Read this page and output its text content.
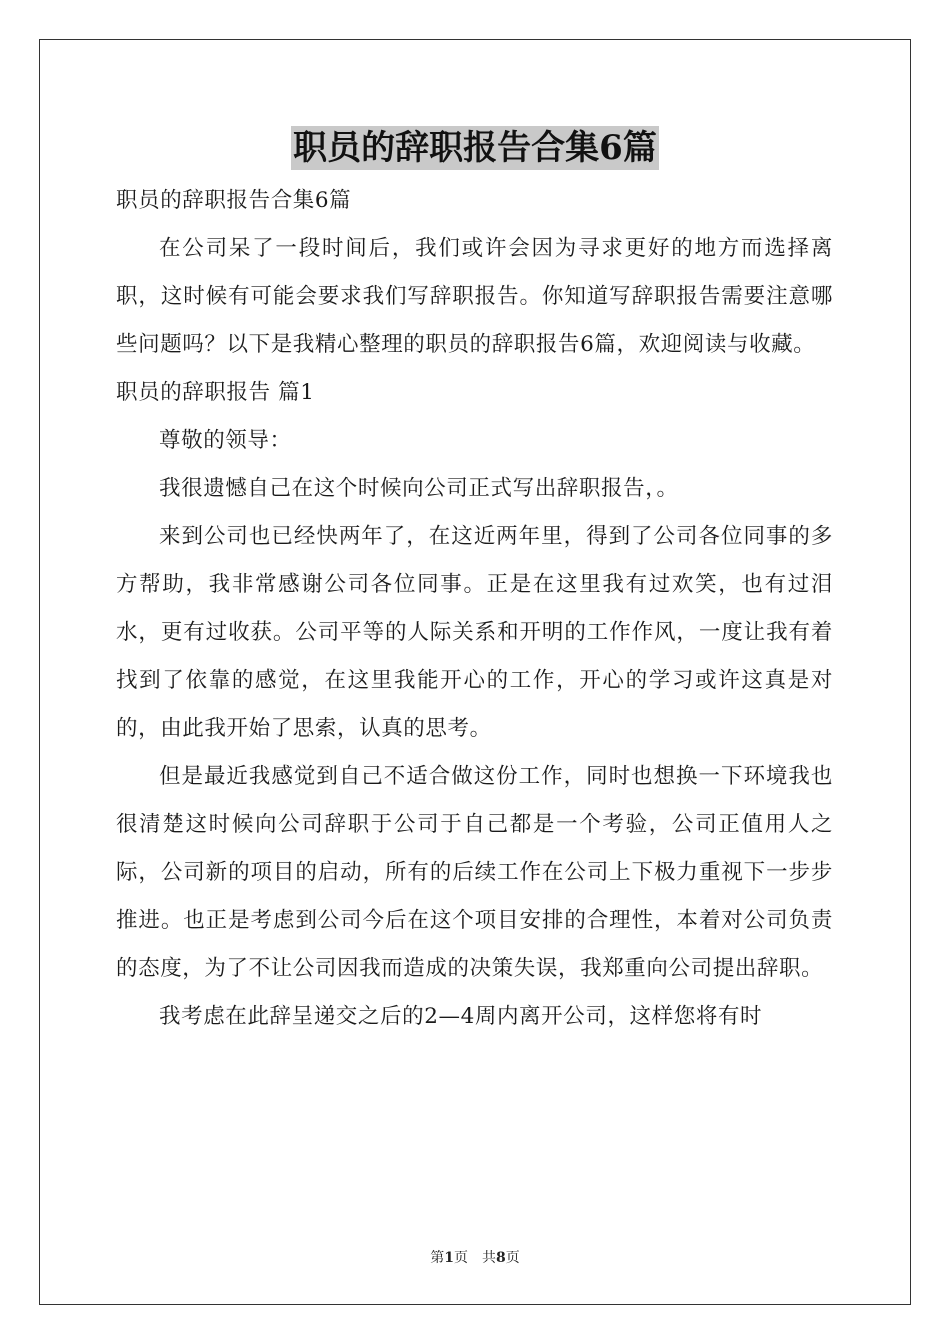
职员的辞职报告合集6篇

职员的辞职报告合集6篇

在公司呆了一段时间后，我们或许会因为寻求更好的地方而选择离职，这时候有可能会要求我们写辞职报告。你知道写辞职报告需要注意哪些问题吗？以下是我精心整理的职员的辞职报告6篇，欢迎阅读与收藏。

职员的辞职报告 篇1

尊敬的领导：

我很遗憾自己在这个时候向公司正式写出辞职报告，。

来到公司也已经快两年了，在这近两年里，得到了公司各位同事的多方帮助，我非常感谢公司各位同事。正是在这里我有过欢笑，也有过泪水，更有过收获。公司平等的人际关系和开明的工作作风，一度让我有着找到了依靠的感觉，在这里我能开心的工作，开心的学习或许这真是对的，由此我开始了思索，认真的思考。

但是最近我感觉到自己不适合做这份工作，同时也想换一下环境我也很清楚这时候向公司辞职于公司于自己都是一个考验，公司正值用人之际，公司新的项目的启动，所有的后续工作在公司上下极力重视下一步步推进。也正是考虑到公司今后在这个项目安排的合理性，本着对公司负责的态度，为了不让公司因我而造成的决策失误，我郑重向公司提出辞职。

我考虑在此辞呈递交之后的2—4周内离开公司，这样您将有时

第1页 共8页
